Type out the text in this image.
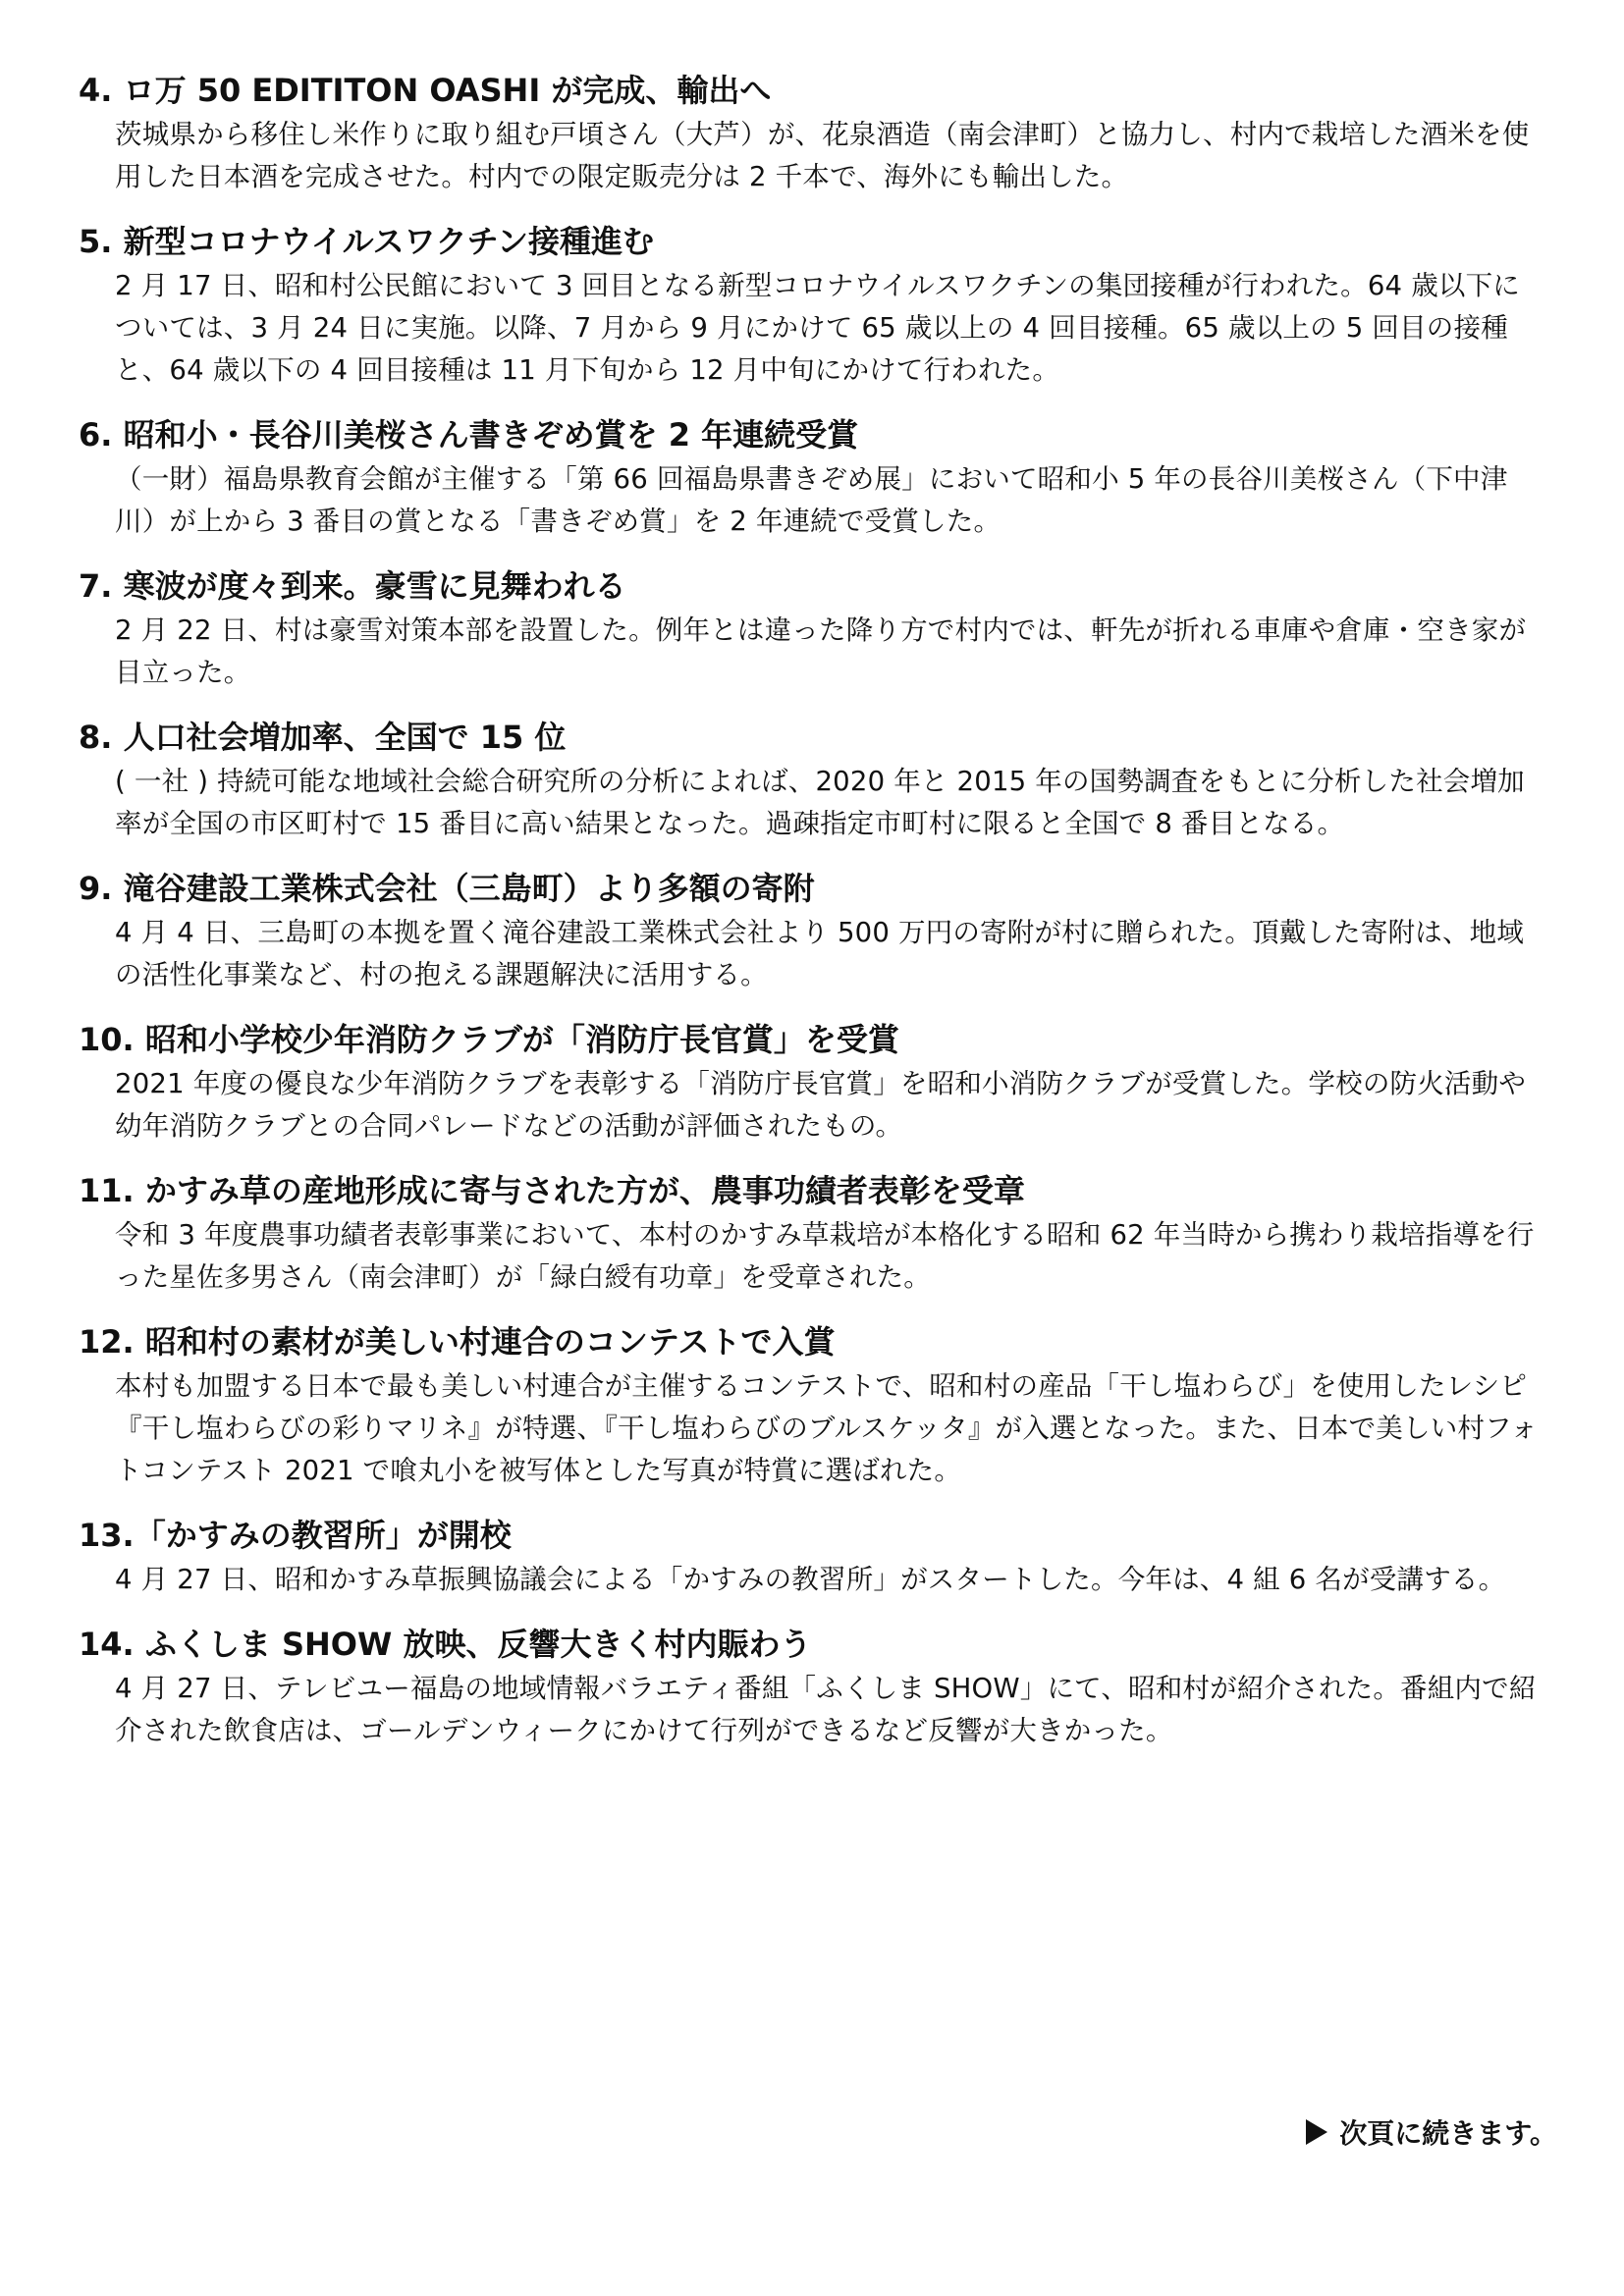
4. ロ万 50 EDITITON OASHI が完成、輸出へ

茨城県から移住し米作りに取り組む戸頃さん（大芦）が、花泉酒造（南会津町）と協力し、村内で栽培した酒米を使用した日本酒を完成させた。村内での限定販売分は 2 千本で、海外にも輸出した。

5. 新型コロナウイルスワクチン接種進む

2 月 17 日、昭和村公民館において 3 回目となる新型コロナウイルスワクチンの集団接種が行われた。64 歳以下については、3 月 24 日に実施。以降、7 月から 9 月にかけて 65 歳以上の 4 回目接種。65 歳以上の 5 回目の接種と、64 歳以下の 4 回目接種は 11 月下旬から 12 月中旬にかけて行われた。

6. 昭和小・長谷川美桜さん書きぞめ賞を 2 年連続受賞

（一財）福島県教育会館が主催する「第 66 回福島県書きぞめ展」において昭和小 5 年の長谷川美桜さん（下中津川）が上から 3 番目の賞となる「書きぞめ賞」を 2 年連続で受賞した。

7. 寒波が度々到来。豪雪に見舞われる

2 月 22 日、村は豪雪対策本部を設置した。例年とは違った降り方で村内では、軒先が折れる車庫や倉庫・空き家が目立った。

8. 人口社会増加率、全国で 15 位

( 一社 ) 持続可能な地域社会総合研究所の分析によれば、2020 年と 2015 年の国勢調査をもとに分析した社会増加率が全国の市区町村で 15 番目に高い結果となった。過疎指定市町村に限ると全国で 8 番目となる。

9. 滝谷建設工業株式会社（三島町）より多額の寄附

4 月 4 日、三島町の本拠を置く滝谷建設工業株式会社より 500 万円の寄附が村に贈られた。頂戴した寄附は、地域の活性化事業など、村の抱える課題解決に活用する。

10. 昭和小学校少年消防クラブが「消防庁長官賞」を受賞

2021 年度の優良な少年消防クラブを表彰する「消防庁長官賞」を昭和小消防クラブが受賞した。学校の防火活動や幼年消防クラブとの合同パレードなどの活動が評価されたもの。

11. かすみ草の産地形成に寄与された方が、農事功績者表彰を受章

令和 3 年度農事功績者表彰事業において、本村のかすみ草栽培が本格化する昭和 62 年当時から携わり栽培指導を行った星佐多男さん（南会津町）が「緑白綬有功章」を受章された。

12. 昭和村の素材が美しい村連合のコンテストで入賞

本村も加盟する日本で最も美しい村連合が主催するコンテストで、昭和村の産品「干し塩わらび」を使用したレシピ『干し塩わらびの彩りマリネ』が特選、『干し塩わらびのブルスケッタ』が入選となった。また、日本で美しい村フォトコンテスト 2021 で喰丸小を被写体とした写真が特賞に選ばれた。

13.「かすみの教習所」が開校

4 月 27 日、昭和かすみ草振興協議会による「かすみの教習所」がスタートした。今年は、4 組 6 名が受講する。

14. ふくしま SHOW 放映、反響大きく村内賑わう

4 月 27 日、テレビユー福島の地域情報バラエティ番組「ふくしま SHOW」にて、昭和村が紹介された。番組内で紹介された飲食店は、ゴールデンウィークにかけて行列ができるなど反響が大きかった。

次頁に続きます。
